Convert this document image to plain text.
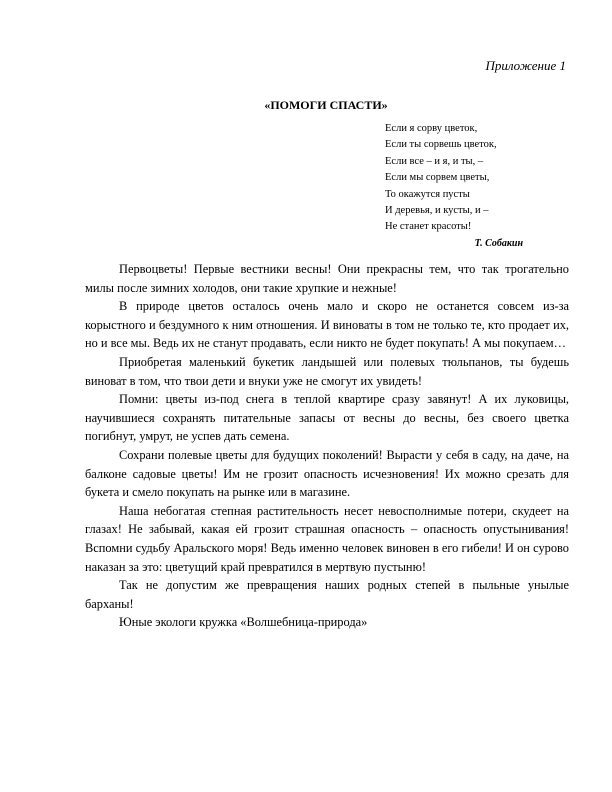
Приложение 1
«ПОМОГИ СПАСТИ»
Если я сорву цветок,
Если ты сорвешь цветок,
Если все – и я, и ты, –
Если мы сорвем цветы,
То окажутся пусты
И деревья, и кусты, и –
Не станет красоты!
Т. Собакин

Первоцветы! Первые вестники весны! Они прекрасны тем, что так трогательно милы после зимних холодов, они такие хрупкие и нежные!

В природе цветов осталось очень мало и скоро не останется совсем из-за корыстного и бездумного к ним отношения. И виноваты в том не только те, кто продает их, но и все мы. Ведь их не станут продавать, если никто не будет покупать! А мы покупаем…

Приобретая маленький букетик ландышей или полевых тюльпанов, ты будешь виноват в том, что твои дети и внуки уже не смогут их увидеть!

Помни: цветы из-под снега в теплой квартире сразу завянут! А их луковицы, научившиеся сохранять питательные запасы от весны до весны, без своего цветка погибнут, умрут, не успев дать семена.

Сохрани полевые цветы для будущих поколений! Вырасти у себя в саду, на даче, на балконе садовые цветы! Им не грозит опасность исчезновения! Их можно срезать для букета и смело покупать на рынке или в магазине.

Наша небогатая степная растительность несет невосполнимые потери, скудеет на глазах! Не забывай, какая ей грозит страшная опасность – опасность опустынивания! Вспомни судьбу Аральского моря! Ведь именно человек виновен в его гибели! И он сурово наказан за это: цветущий край превратился в мертвую пустыню!

Так не допустим же превращения наших родных степей в пыльные унылые барханы!

Юные экологи кружка «Волшебница-природа»
